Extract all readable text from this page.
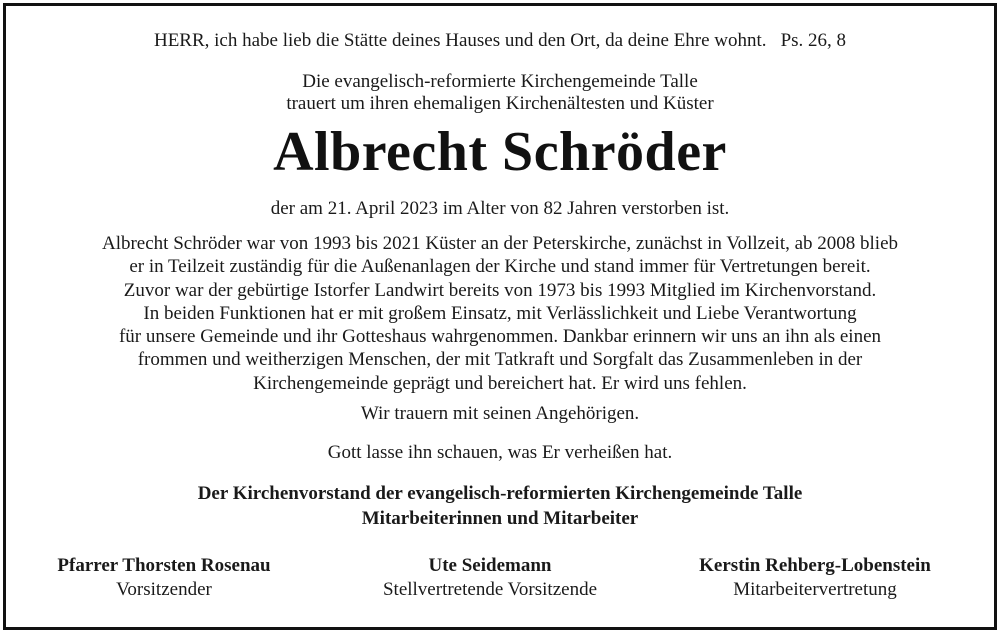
HERR, ich habe lieb die Stätte deines Hauses und den Ort, da deine Ehre wohnt. Ps. 26, 8
Die evangelisch-reformierte Kirchengemeinde Talle
trauert um ihren ehemaligen Kirchenältesten und Küster
Albrecht Schröder
der am 21. April 2023 im Alter von 82 Jahren verstorben ist.
Albrecht Schröder war von 1993 bis 2021 Küster an der Peterskirche, zunächst in Vollzeit, ab 2008 blieb
er in Teilzeit zuständig für die Außenanlagen der Kirche und stand immer für Vertretungen bereit.
Zuvor war der gebürtige Istorfer Landwirt bereits von 1973 bis 1993 Mitglied im Kirchenvorstand.
In beiden Funktionen hat er mit großem Einsatz, mit Verlässlichkeit und Liebe Verantwortung
für unsere Gemeinde und ihr Gotteshaus wahrgenommen. Dankbar erinnern wir uns an ihn als einen
frommen und weitherzigen Menschen, der mit Tatkraft und Sorgfalt das Zusammenleben in der
Kirchengemeinde geprägt und bereichert hat. Er wird uns fehlen.
Wir trauern mit seinen Angehörigen.
Gott lasse ihn schauen, was Er verheißen hat.
Der Kirchenvorstand der evangelisch-reformierten Kirchengemeinde Talle
Mitarbeiterinnen und Mitarbeiter
Pfarrer Thorsten Rosenau
Vorsitzender
Ute Seidemann
Stellvertretende Vorsitzende
Kerstin Rehberg-Lobenstein
Mitarbeitervertretung
